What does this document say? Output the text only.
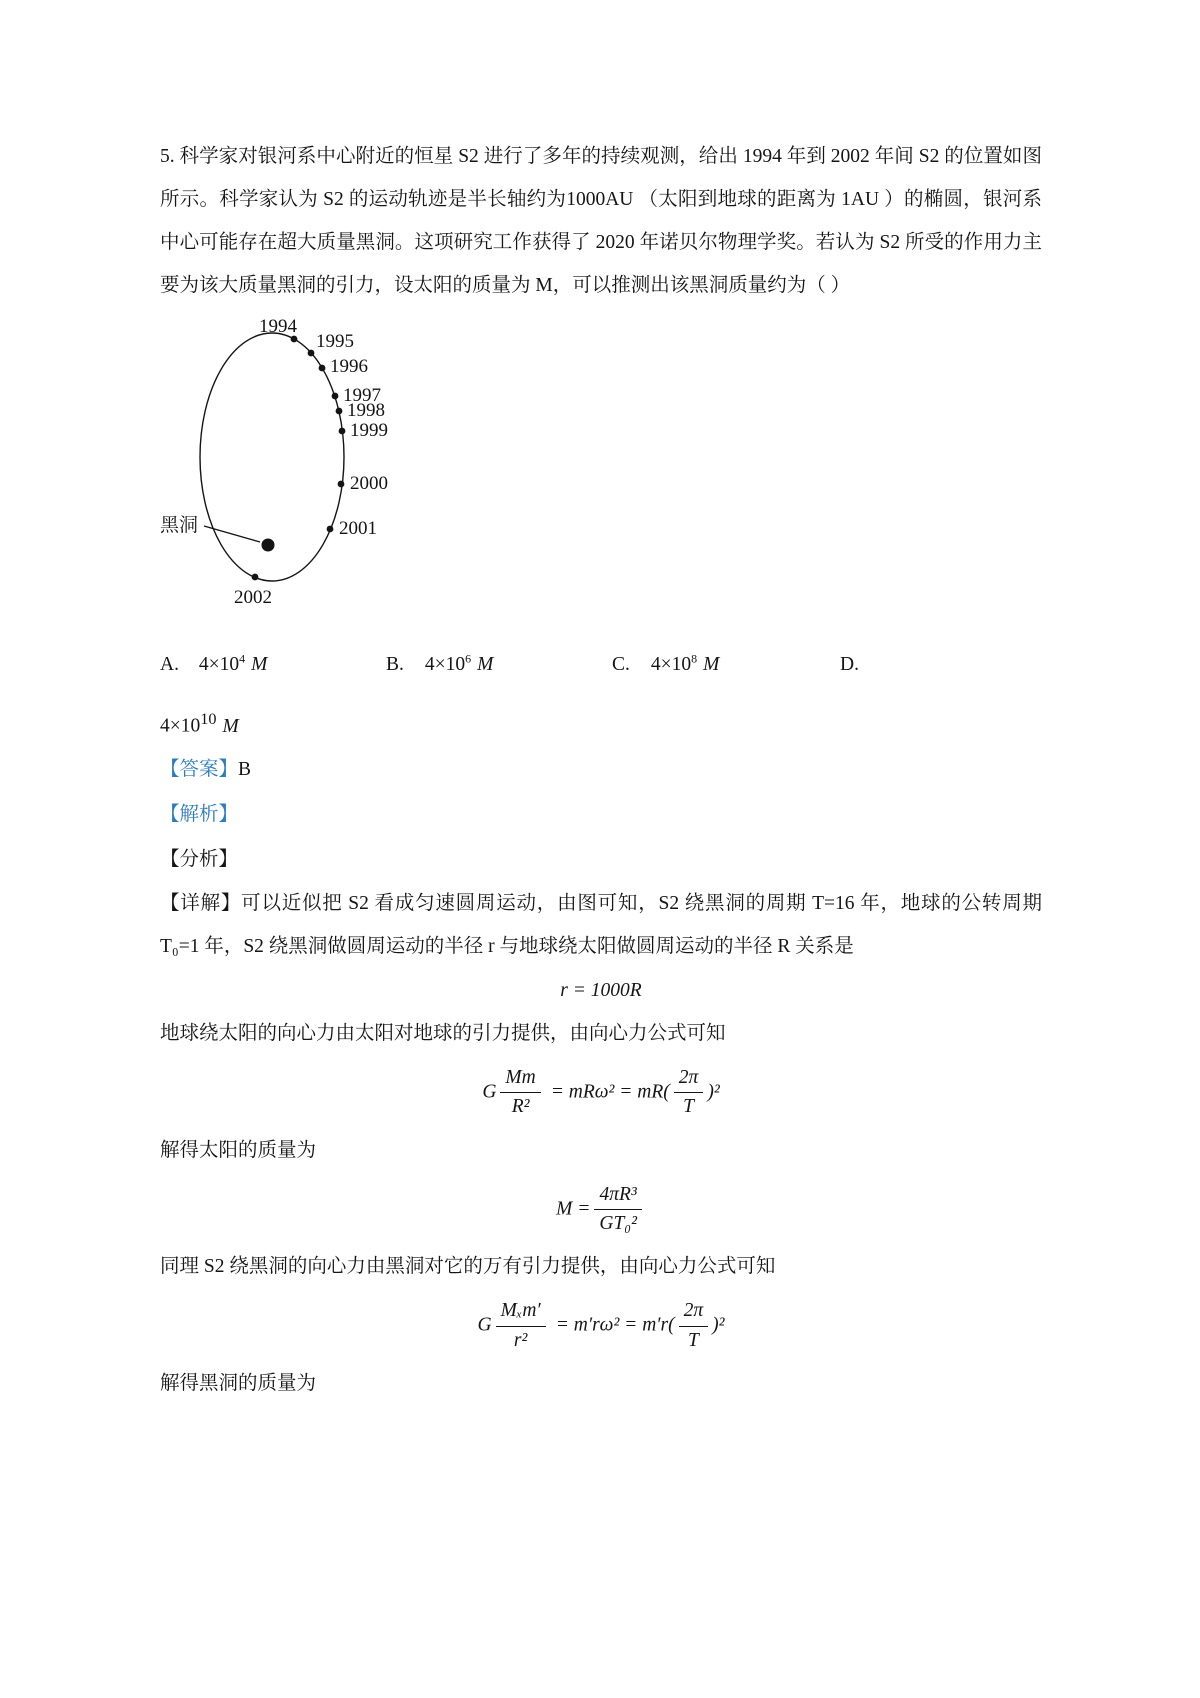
5. 科学家对银河系中心附近的恒星 S2 进行了多年的持续观测，给出 1994 年到 2002 年间 S2 的位置如图所示。科学家认为 S2 的运动轨迹是半长轴约为1000AU （太阳到地球的距离为 1AU ）的椭圆，银河系中心可能存在超大质量黑洞。这项研究工作获得了 2020 年诺贝尔物理学奖。若认为 S2 所受的作用力主要为该大质量黑洞的引力，设太阳的质量为 M，可以推测出该黑洞质量约为（ ）

1994
1995
1996
1997
1998
1999
2000
2001
2002
黑洞
A. $4\times 10^4$ M	B. $4\times 10^6$ M	C. $4\times 10^8$ M	D.
$4\times 10^{10}$ M

【答案】B

【解析】

【分析】

【详解】可以近似把 S2 看成匀速圆周运动，由图可知，S2 绕黑洞的周期 T=16 年，地球的公转周期 T₀=1 年，S2 绕黑洞做圆周运动的半径 r 与地球绕太阳做圆周运动的半径 R 关系是

r = 1000R

地球绕太阳的向心力由太阳对地球的引力提供，由向心力公式可知

G $\frac{Mm}{\text{R²}} = mR\omega^2 = mR( \frac{2\pi}{T} )^2$

解得太阳的质量为

$M = \frac{\text{4πR³}}{\text{GT₀²}}$

同理 S2 绕黑洞的向心力由黑洞对它的万有引力提供，由向心力公式可知

G $\frac{\text{Mₓm′}}{\text{r²}} = m'r\omega^2 = m'r( \frac{2\pi}{T} )^2$

解得黑洞的质量为
